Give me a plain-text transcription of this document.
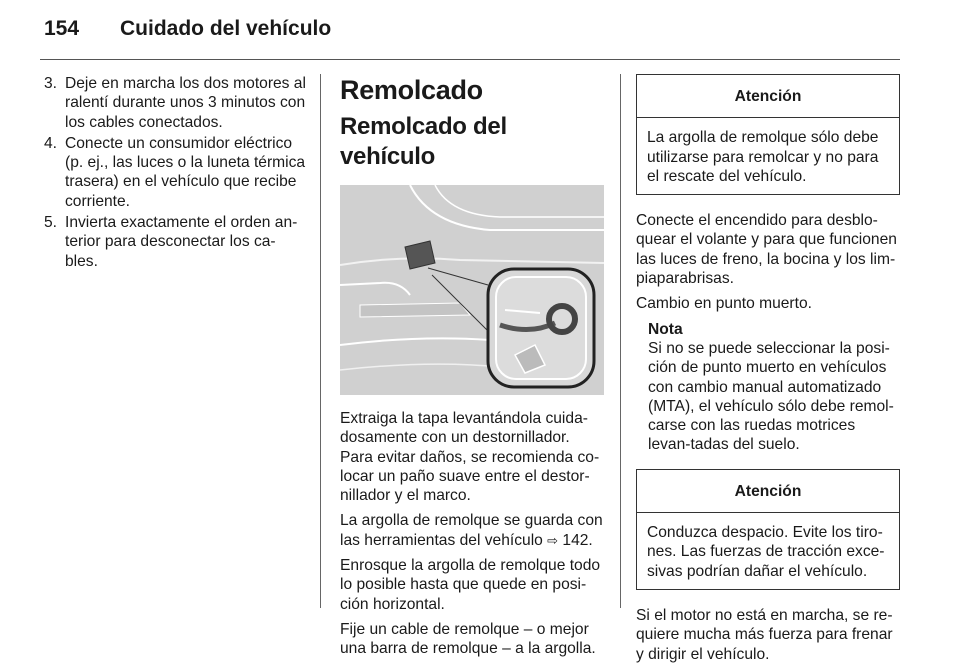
154	Cuidado del vehículo
3. Deje en marcha los dos motores al ralentí durante unos 3 minutos con los cables conectados.
4. Conecte un consumidor eléctrico (p. ej., las luces o la luneta térmica trasera) en el vehículo que recibe corriente.
5. Invierta exactamente el orden an-terior para desconectar los ca-bles.
Remolcado
Remolcado del vehículo

Extraiga la tapa levantándola cuida-dosamente con un destornillador. Para evitar daños, se recomienda co-locar un paño suave entre el destor-nillador y el marco.

La argolla de remolque se guarda con las herramientas del vehículo ⇨ 142.

Enrosque la argolla de remolque todo lo posible hasta que quede en posi-ción horizontal.

Fije un cable de remolque – o mejor una barra de remolque – a la argolla.

Atención
La argolla de remolque sólo debe utilizarse para remolcar y no para el rescate del vehículo.

Conecte el encendido para desblo-quear el volante y para que funcionen las luces de freno, la bocina y los lim-piaparabrisas.

Cambio en punto muerto.

Nota
Si no se puede seleccionar la posi-ción de punto muerto en vehículos con cambio manual automatizado (MTA), el vehículo sólo debe remol-carse con las ruedas motrices levan-tadas del suelo.
Atención
Conduzca despacio. Evite los tiro-nes. Las fuerzas de tracción exce-sivas podrían dañar el vehículo.

Si el motor no está en marcha, se re-quiere mucha más fuerza para frenar y dirigir el vehículo.
